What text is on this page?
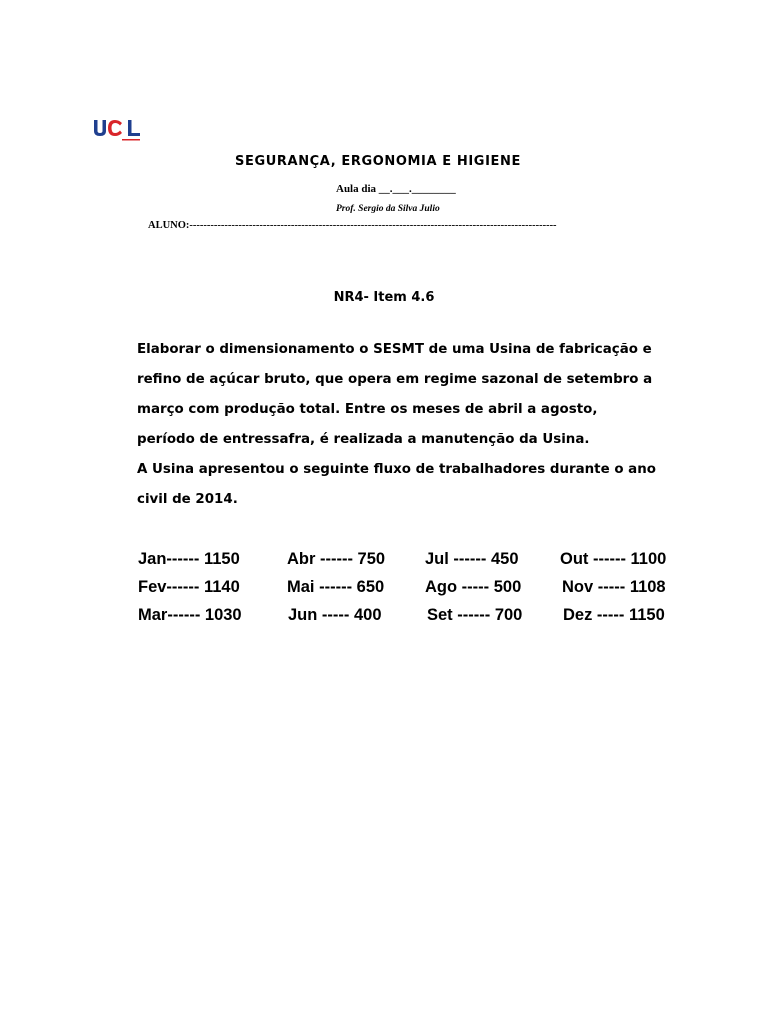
SEGURANÇA, ERGONOMIA E HIGIENE
Aula dia __.___.________
Prof. Sergio da Silva Julio
ALUNO:---------------------------------------------------------------------------------------------------------
NR4- Item 4.6
Elaborar o dimensionamento o SESMT de uma Usina de fabricação e
refino de açúcar bruto, que opera em regime sazonal de setembro a
março com produção total. Entre os meses de abril a agosto,
período de entressafra, é realizada a manutenção da Usina.
A Usina apresentou o seguinte fluxo de trabalhadores durante o ano
civil de 2014.
Jan------ 1150	Abr ------ 750 Jul ------ 450	Out ------ 1100
Fev------ 1140	Mai ------ 650 Ago ----- 500 Nov ----- 1108
Mar------ 1030	Jun ----- 400	Set ------ 700 Dez ----- 1150
